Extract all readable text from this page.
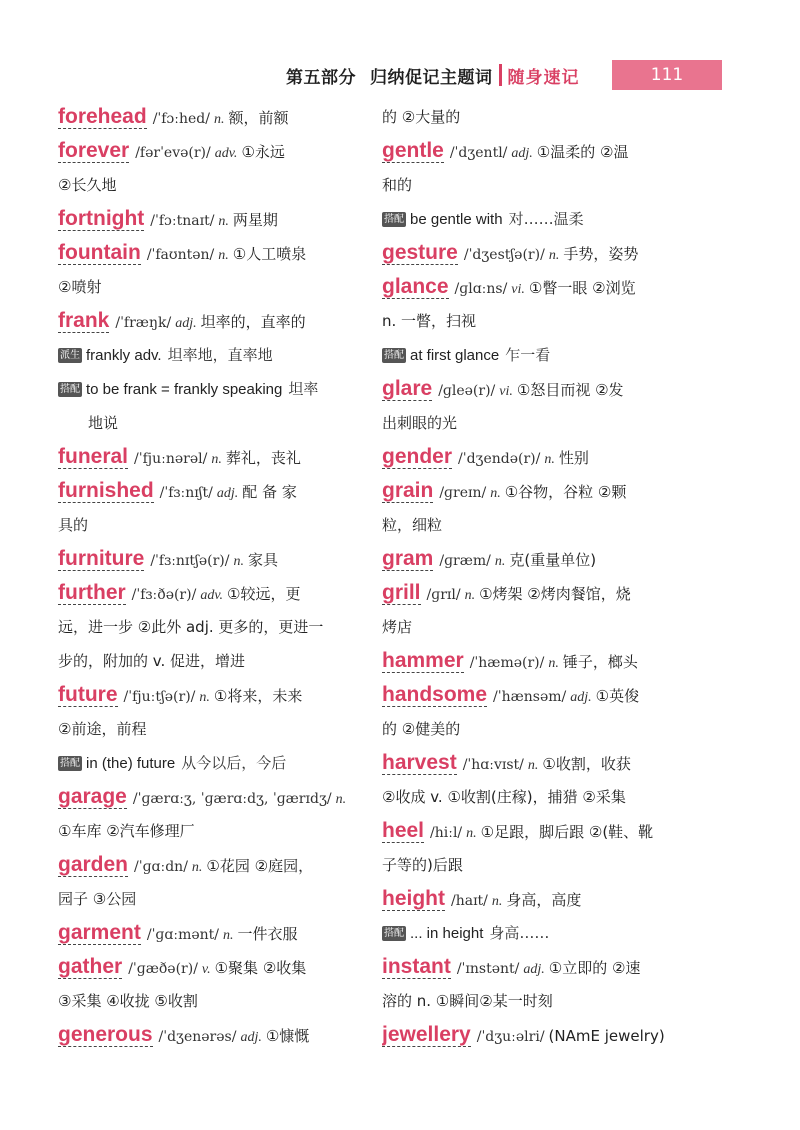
第五部分 归纳促记主题词 随身速记	111
forehead /ˈfɔːhed/ n. 额，前额
forever /fərˈevə(r)/ adv. ①永远
②长久地
fortnight /ˈfɔːtnaɪt/ n. 两星期
fountain /ˈfaʊntən/ n. ①人工喷泉
②喷射
frank /ˈfræŋk/ adj. 坦率的，直率的
派生 frankly adv. 坦率地，直率地
搭配 to be frank = frankly speaking 坦率
地说
funeral /ˈfjuːnərəl/ n. 葬礼，丧礼
furnished /ˈfɜːnɪʃt/ adj. 配 备 家
具的
furniture /ˈfɜːnɪtʃə(r)/ n. 家具
further /ˈfɜːðə(r)/ adv. ①较远，更
远，进一步 ②此外 adj. 更多的，更进一
步的，附加的 v. 促进，增进
future /ˈfjuːtʃə(r)/ n. ①将来，未来
②前途，前程
搭配 in (the) future 从今以后，今后
garage /ˈɡærɑːʒ, ˈɡærɑːdʒ, ˈɡærɪdʒ/ n.
①车库 ②汽车修理厂
garden /ˈɡɑːdn/ n. ①花园 ②庭园，
园子 ③公园
garment /ˈɡɑːmənt/ n. 一件衣服
gather /ˈɡæðə(r)/ v. ①聚集 ②收集
③采集 ④收拢 ⑤收割
generous /ˈdʒenərəs/ adj. ①慷慨
的 ②大量的
gentle /ˈdʒentl/ adj. ①温柔的 ②温
和的
搭配 be gentle with 对……温柔
gesture /ˈdʒestʃə(r)/ n. 手势，姿势
glance /ɡlɑːns/ vi. ①瞥一眼 ②浏览
n. 一瞥，扫视
搭配 at first glance 乍一看
glare /ɡleə(r)/ vi. ①怒目而视 ②发
出刺眼的光
gender /ˈdʒendə(r)/ n. 性别
grain /ɡreɪn/ n. ①谷物，谷粒 ②颗
粒，细粒
gram /ɡræm/ n. 克(重量单位)
grill /ɡrɪl/ n. ①烤架 ②烤肉餐馆，烧
烤店
hammer /ˈhæmə(r)/ n. 锤子，榔头
handsome /ˈhænsəm/ adj. ①英俊
的 ②健美的
harvest /ˈhɑːvɪst/ n. ①收割，收获
②收成 v. ①收割(庄稼)，捕猎 ②采集
heel /hiːl/ n. ①足跟，脚后跟 ②(鞋、靴
子等的)后跟
height /haɪt/ n. 身高，高度
搭配 ... in height 身高……
instant /ˈɪnstənt/ adj. ①立即的 ②速
溶的 n. ①瞬间②某一时刻
jewellery /ˈdʒuːəlri/ (NAmE jewelry)
